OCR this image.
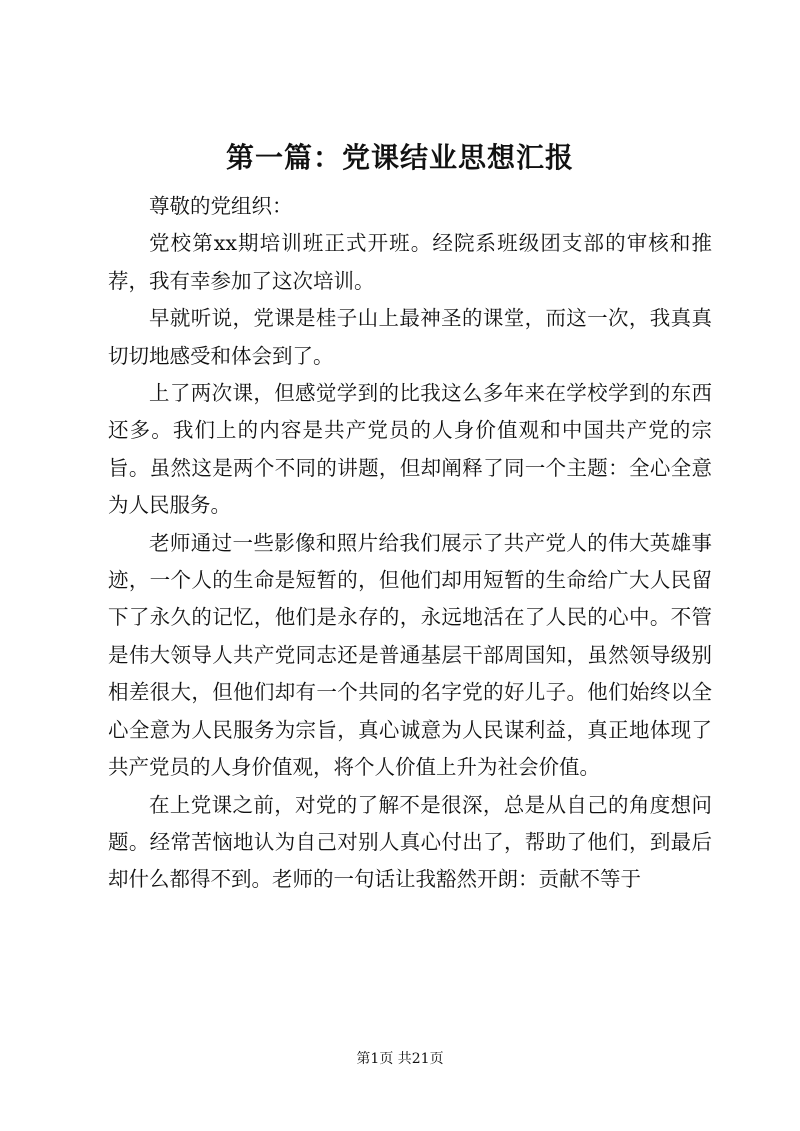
第一篇：党课结业思想汇报

尊敬的党组织：

党校第xx期培训班正式开班。经院系班级团支部的审核和推荐，我有幸参加了这次培训。

早就听说，党课是桂子山上最神圣的课堂，而这一次，我真真切切地感受和体会到了。

上了两次课，但感觉学到的比我这么多年来在学校学到的东西还多。我们上的内容是共产党员的人身价值观和中国共产党的宗旨。虽然这是两个不同的讲题，但却阐释了同一个主题：全心全意为人民服务。

老师通过一些影像和照片给我们展示了共产党人的伟大英雄事迹，一个人的生命是短暂的，但他们却用短暂的生命给广大人民留下了永久的记忆，他们是永存的，永远地活在了人民的心中。不管是伟大领导人共产党同志还是普通基层干部周国知，虽然领导级别相差很大，但他们却有一个共同的名字党的好儿子。他们始终以全心全意为人民服务为宗旨，真心诚意为人民谋利益，真正地体现了共产党员的人身价值观，将个人价值上升为社会价值。

在上党课之前，对党的了解不是很深，总是从自己的角度想问题。经常苦恼地认为自己对别人真心付出了，帮助了他们，到最后却什么都得不到。老师的一句话让我豁然开朗：贡献不等于

第1页 共21页
